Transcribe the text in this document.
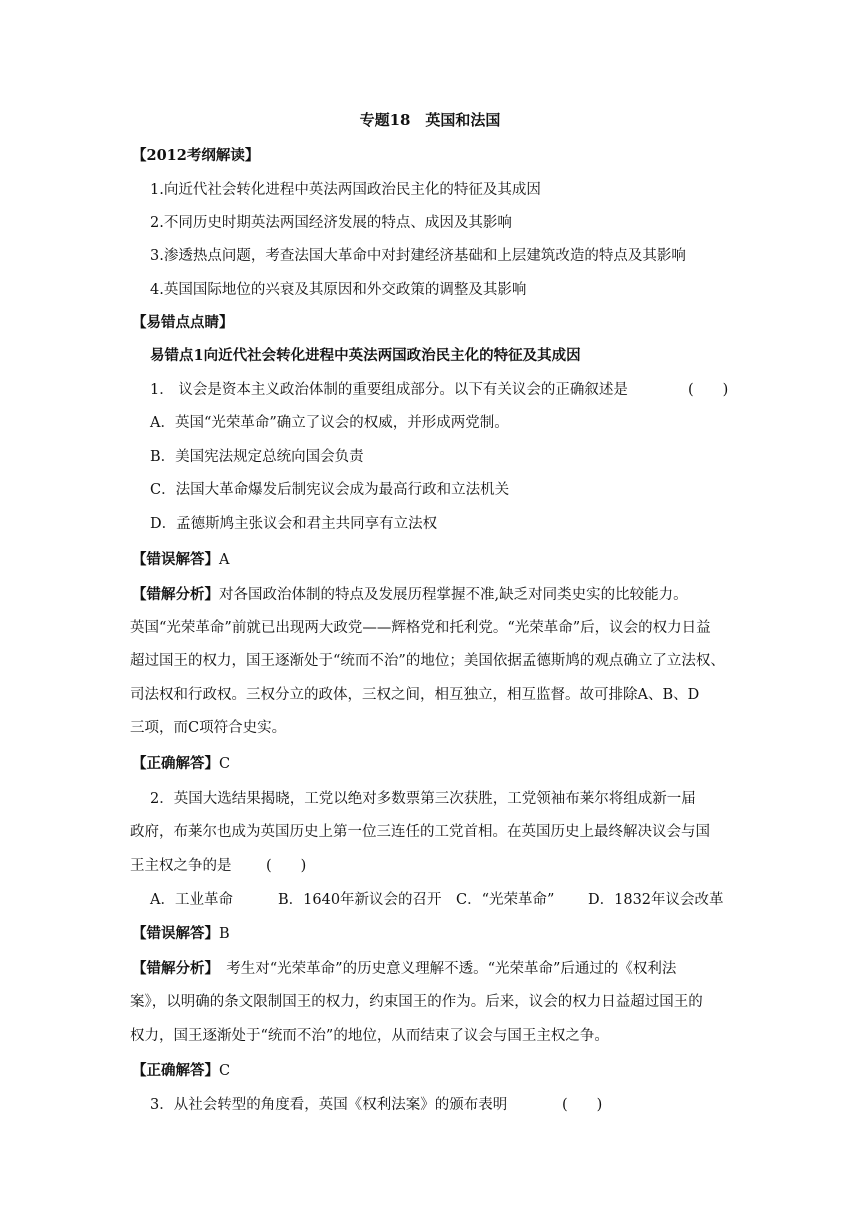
专题18　英国和法国
【2012考纲解读】
1.向近代社会转化进程中英法两国政治民主化的特征及其成因
2.不同历史时期英法两国经济发展的特点、成因及其影响
3.渗透热点问题，考查法国大革命中对封建经济基础和上层建筑改造的特点及其影响
4.英国国际地位的兴衰及其原因和外交政策的调整及其影响
【易错点点睛】
易错点1向近代社会转化进程中英法两国政治民主化的特征及其成因
1． 议会是资本主义政治体制的重要组成部分。以下有关议会的正确叙述是	(　　)
A．英国“光荣革命”确立了议会的权威，并形成两党制。
B．美国宪法规定总统向国会负责
C．法国大革命爆发后制宪议会成为最高行政和立法机关
D．孟德斯鸠主张议会和君主共同享有立法权
【错误解答】A
【错解分析】对各国政治体制的特点及发展历程掌握不准,缺乏对同类史实的比较能力。
英国“光荣革命”前就已出现两大政党——辉格党和托利党。“光荣革命”后，议会的权力日益
超过国王的权力，国王逐渐处于“统而不治”的地位；美国依据孟德斯鸠的观点确立了立法权、
司法权和行政权。三权分立的政体，三权之间，相互独立，相互监督。故可排除A、B、D
三项，而C项符合史实。
【正确解答】C
2．英国大选结果揭晓，工党以绝对多数票第三次获胜，工党领袖布莱尔将组成新一届
政府，布莱尔也成为英国历史上第一位三连任的工党首相。在英国历史上最终解决议会与国
王主权之争的是 (　　)
A．工业革命	B．1640年新议会的召开 C．“光荣革命” D．1832年议会改革
【错误解答】B
【错解分析】　考生对“光荣革命”的历史意义理解不透。“光荣革命”后通过的《权利法
案》，以明确的条文限制国王的权力，约束国王的作为。后来，议会的权力日益超过国王的
权力，国王逐渐处于“统而不治”的地位，从而结束了议会与国王主权之争。
【正确解答】C
3．从社会转型的角度看，英国《权利法案》的颁布表明	(　　)
